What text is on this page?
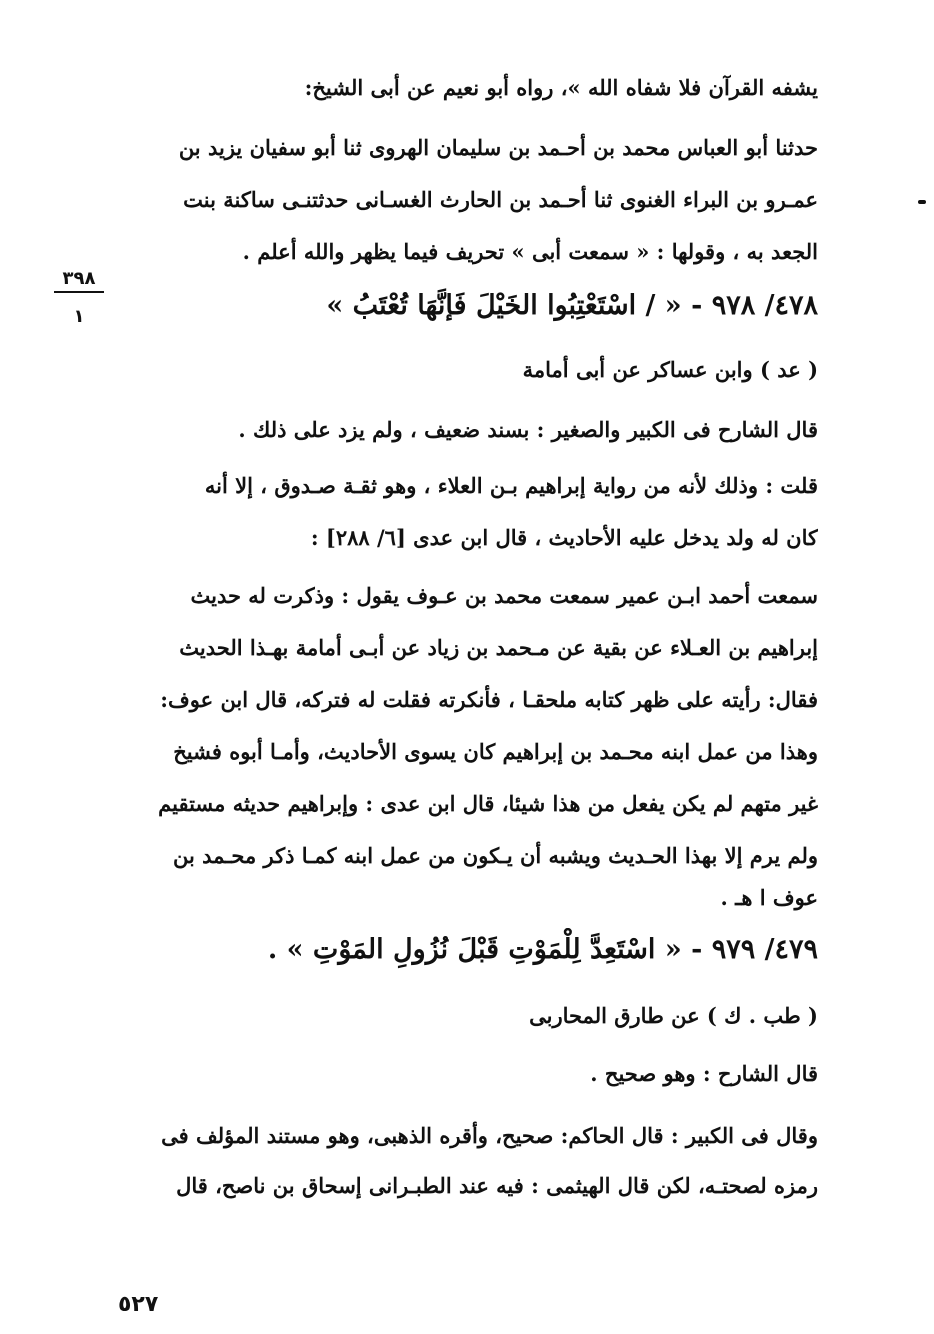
يشفه القرآن فلا شفاه الله »، رواه أبو نعيم عن أبى الشيخ:
حدثنا أبو العباس محمد بن أحـمد بن سليمان الهروى ثنا أبو سفيان يزيد بن
عمـرو بن البراء الغنوى ثنا أحـمد بن الحارث الغسـانى حدثتنـى ساكنة بنت
الجعد به ، وقولها : « سمعت أبى » تحريف فيما يظهر والله أعلم .
٤٧٨/ ٩٧٨ - « / اسْتَعْتِبُوا الخَيْلَ فَإنَّهَا تُعْتَبُ »
٣٩٨
١
( عد ) وابن عساكر عن أبى أمامة
قال الشارح فى الكبير والصغير : بسند ضعيف ، ولم يزد على ذلك .
قلت : وذلك لأنه من رواية إبراهيم بـن العلاء ، وهو ثقـة صـدوق ، إلا أنه
كان له ولد يدخل عليه الأحاديث ، قال ابن عدى [٦/ ٢٨٨] :
سمعت أحمد ابـن عمير سمعت محمد بن عـوف يقول : وذكرت له حديث
إبراهيم بن العـلاء عن بقية عن مـحمد بن زياد عن أبـى أمامة بهـذا الحديث
فقال: رأيته على ظهر كتابه ملحقـا ، فأنكرته فقلت له فتركه، قال ابن عوف:
وهذا من عمل ابنه محـمد بن إبراهيم كان يسوى الأحاديث، وأمـا أبوه فشيخ
غير متهم لم يكن يفعل من هذا شيئا، قال ابن عدى : وإبراهيم حديثه مستقيم
ولم يرم إلا بهذا الحـديث ويشبه أن يـكون من عمل ابنه كمـا ذكر محـمد بن
عوف ا هـ .
٤٧٩/ ٩٧٩ - « اسْتَعِدَّ لِلْمَوْتِ قَبْلَ نُزُولِ المَوْتِ » .
( طب . ك ) عن طارق المحاربى
قال الشارح : وهو صحيح .
وقال فى الكبير : قال الحاكم: صحيح، وأقره الذهبى، وهو مستند المؤلف فى
رمزه لصحتـه، لكن قال الهيثمى : فيه عند الطبـرانى إسحاق بن ناصح، قال
٥٢٧
